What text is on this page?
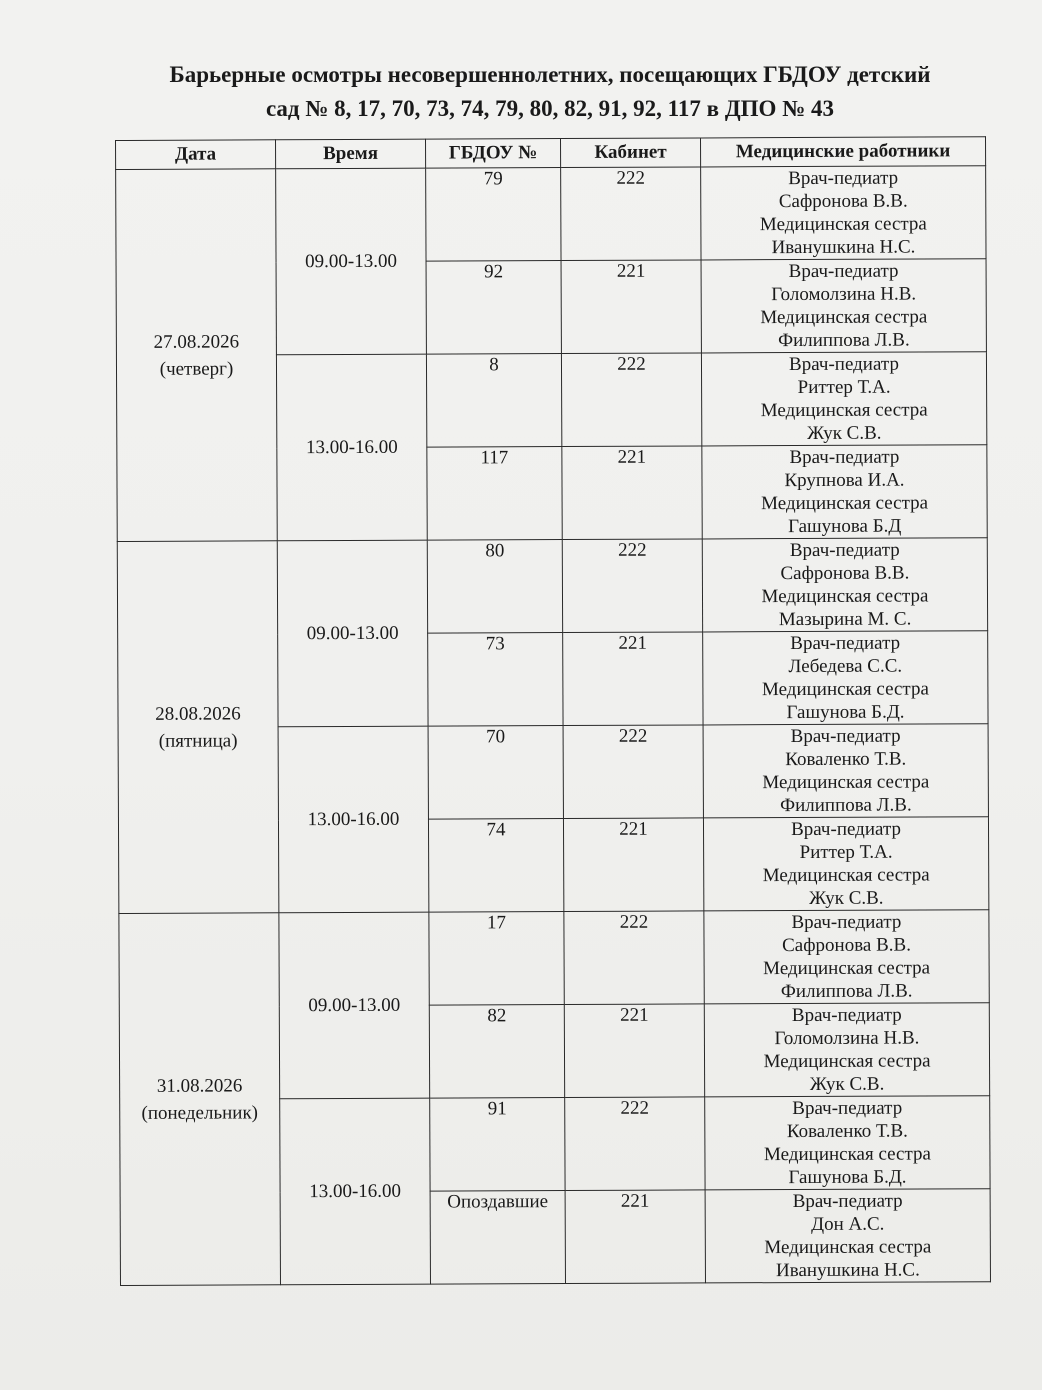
Барьерные осмотры несовершеннолетних, посещающих ГБДОУ детский
сад № 8, 17, 70, 73, 74, 79, 80, 82, 91, 92, 117 в ДПО № 43
Дата	Время	ГБДОУ №	Кабинет	Медицинские работники

27.08.2026
(четверг)	09.00-13.00	79	222	Врач-педиатр
Сафронова В.В.
Медицинская сестра
Иванушкина Н.С.

		92	221	Врач-педиатр
Голомолзина Н.В.
Медицинская сестра
Филиппова Л.В.

	13.00-16.00	8	222	Врач-педиатр
Риттер Т.А.
Медицинская сестра
Жук С.В.

		117	221	Врач-педиатр
Крупнова И.А.
Медицинская сестра
Гашунова Б.Д

28.08.2026
(пятница)	09.00-13.00	80	222	Врач-педиатр
Сафронова В.В.
Медицинская сестра
Мазырина М. С.

		73	221	Врач-педиатр
Лебедева С.С.
Медицинская сестра
Гашунова Б.Д.

	13.00-16.00	70	222	Врач-педиатр
Коваленко Т.В.
Медицинская сестра
Филиппова Л.В.

		74	221	Врач-педиатр
Риттер Т.А.
Медицинская сестра
Жук С.В.

31.08.2026
(понедельник)	09.00-13.00	17	222	Врач-педиатр
Сафронова В.В.
Медицинская сестра
Филиппова Л.В.

		82	221	Врач-педиатр
Голомолзина Н.В.
Медицинская сестра
Жук С.В.

	13.00-16.00	91	222	Врач-педиатр
Коваленко Т.В.
Медицинская сестра
Гашунова Б.Д.

		Опоздавшие	221	Врач-педиатр
Дон А.С.
Медицинская сестра
Иванушкина Н.С.
